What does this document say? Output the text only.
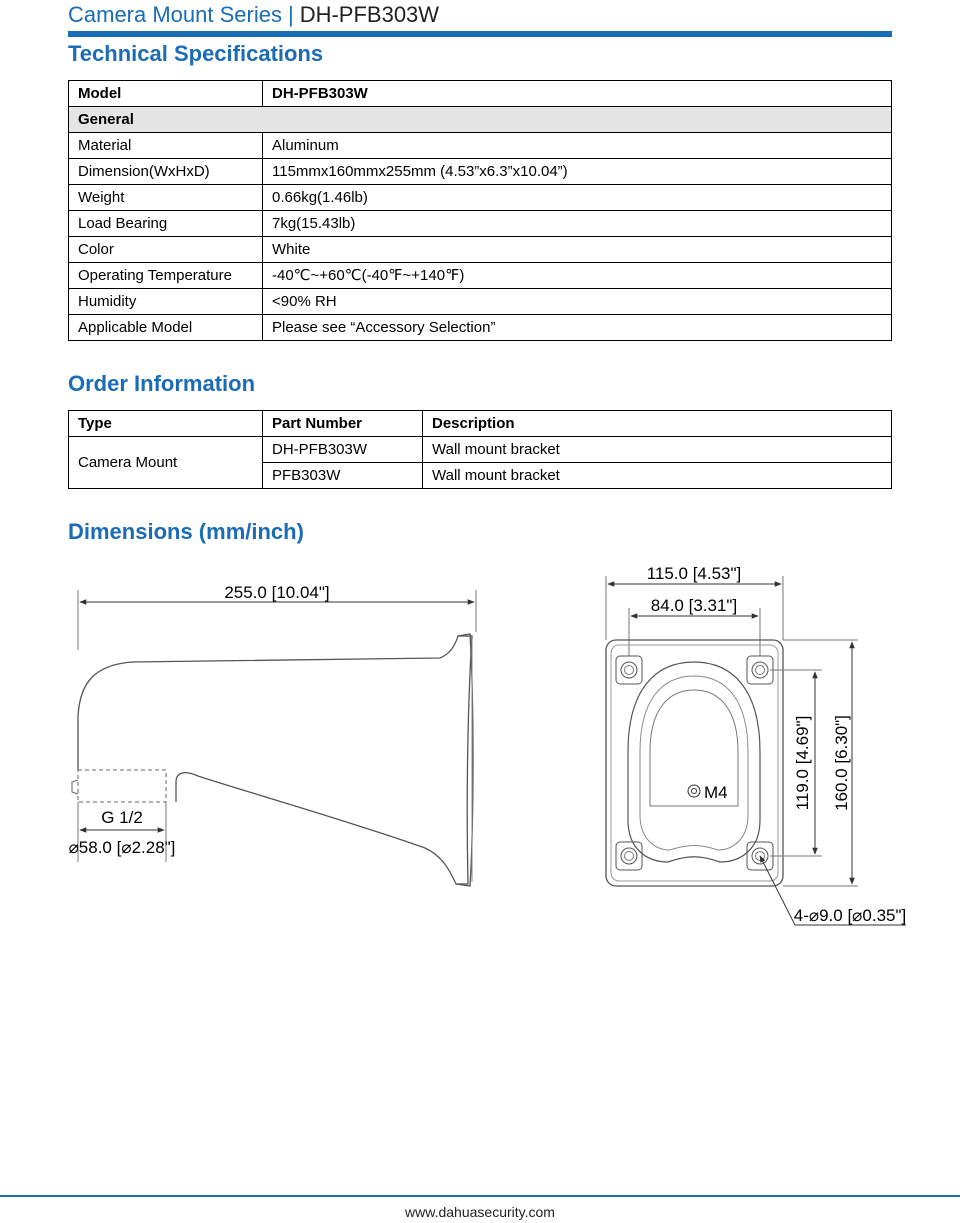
Camera Mount Series | DH-PFB303W
Technical Specifications
Model	DH-PFB303W
General	
Material	Aluminum
Dimension(WxHxD)	115mmx160mmx255mm (4.53”x6.3”x10.04”)
Weight	0.66kg(1.46lb)
Load Bearing	7kg(15.43lb)
Color	White
Operating Temperature	-40℃~+60℃(-40℉~+140℉)
Humidity	<90% RH
Applicable Model	Please see “Accessory Selection”
Order Information
Type	Part Number	Description
Camera Mount	DH-PFB303W	Wall mount bracket
	PFB303W	Wall mount bracket
Dimensions (mm/inch)
255.0 [10.04"]
G 1/2
⌀58.0 [⌀2.28"]
115.0 [4.53"]
84.0 [3.31"]
M4	119.0 [4.69"] 160.0 [6.30"]
4-⌀9.0 [⌀0.35"]
www.dahuasecurity.com
